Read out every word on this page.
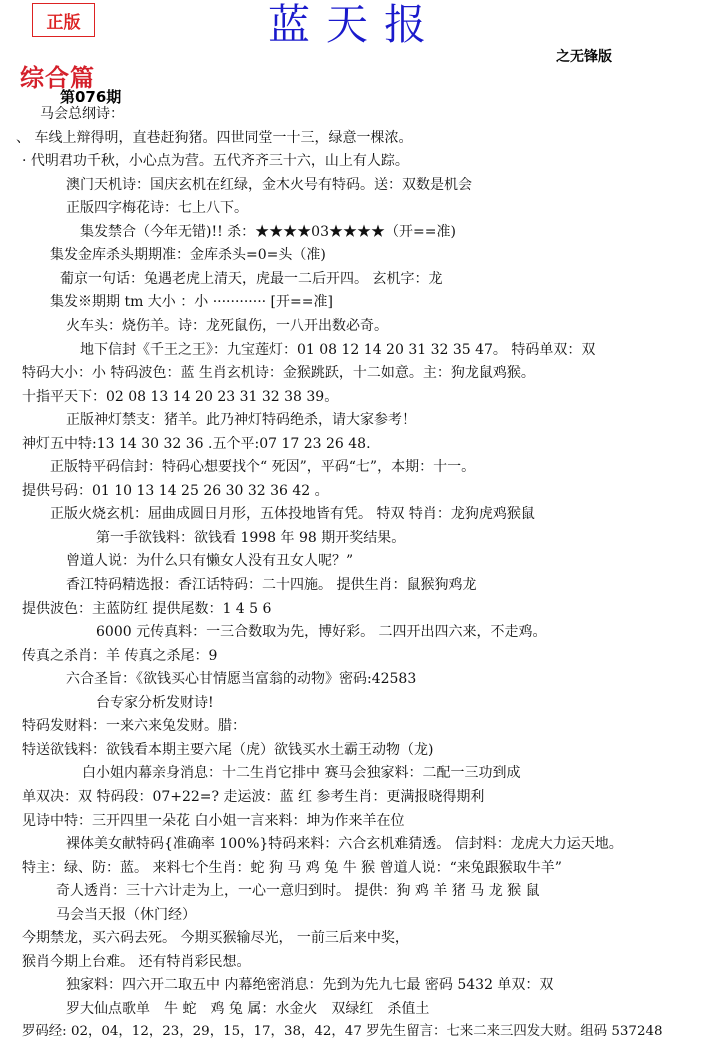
正版	蓝天报
之无锋版
综合篇
第076期
马会总纲诗：
、 车线上辩得明，直巷赶狗猪。四世同堂一十三，绿意一棵浓。
· 代明君功千秋，小心点为营。五代齐齐三十六，山上有人踪。
澳门天机诗：国庆玄机在红绿，金木火号有特码。送：双数是机会
正版四字梅花诗：七上八下。
集发禁合（今年无错)!! 杀：★★★★03★★★★（开==准)
集发金库杀头期期准：金库杀头=0=头（准)
葡京一句话：兔遇老虎上清天，虎最一二后开四。 玄机字：龙
集发※期期 tm 大小 ：小 ············ [开==准]
火车头：烧伤羊。诗：龙死鼠伤，一八开出数必奇。
地下信封《千王之王》：九宝莲灯：01 08 12 14 20 31 32 35 47。 特码单双：双
特码大小：小 特码波色：蓝 生肖玄机诗：金猴跳跃，十二如意。主：狗龙鼠鸡猴。
十指平天下：02 08 13 14 20 23 31 32 38 39。
正版神灯禁支：猪羊。此乃神灯特码绝杀，请大家参考！
神灯五中特:13 14 30 32 36 .五个平:07 17 23 26 48.
正版特平码信封：特码心想要找个“ 死因”，平码“七”，本期：十一。
提供号码：01 10 13 14 25 26 30 32 36 42 。
正版火烧玄机：屈曲成圆日月形，五体投地皆有凭。 特双 特肖：龙狗虎鸡猴鼠
第一手欲钱料：欲钱看 1998 年 98 期开奖结果。
曾道人说：为什么只有懒女人没有丑女人呢？”
香江特码精选报：香江话特码：二十四施。 提供生肖：鼠猴狗鸡龙
提供波色：主蓝防红 提供尾数：1 4 5 6
6000 元传真料：一三合数取为先，博好彩。 二四开出四六来，不走鸡。
传真之杀肖：羊 传真之杀尾：9
六合圣旨：《欲钱买心甘情愿当富翁的动物》密码:42583
台专家分析发财诗!
特码发财料：一来六来兔发财。腊：
特送欲钱料：欲钱看本期主要六尾（虎）欲钱买水土霸王动物（龙)
白小姐内幕亲身消息：十二生肖它排中 赛马会独家料：二配一三功到成
单双决：双 特码段：07+22=? 走运波：蓝 红 参考生肖：更满报晓得期利
见诗中特：三开四里一朵花 白小姐一言来料：坤为作来羊在位
裸体美女献特码{准确率 100%}特码来料：六合玄机难猜透。 信封料：龙虎大力运天地。
特主：绿、防：蓝。 来料七个生肖：蛇 狗 马 鸡 兔 牛 猴 曾道人说：“来兔跟猴取牛羊”
奇人透肖：三十六计走为上，一心一意归到时。 提供：狗 鸡 羊 猪 马 龙 猴 鼠
马会当天报（休门经）
今期禁龙，买六码去死。 今期买猴输尽光， 一前三后来中奖，
猴肖今期上台难。 还有特肖彩民想。
独家料：四六开二取五中 内幕绝密消息：先到为先九七最 密码 5432 单双：双
罗大仙点歌单　牛 蛇　鸡 兔 属：水金火　双绿红　杀值土
罗码经: 02，04，12，23，29，15，17，38，42，47 罗先生留言：七来二来三四发大财。组码 537248
